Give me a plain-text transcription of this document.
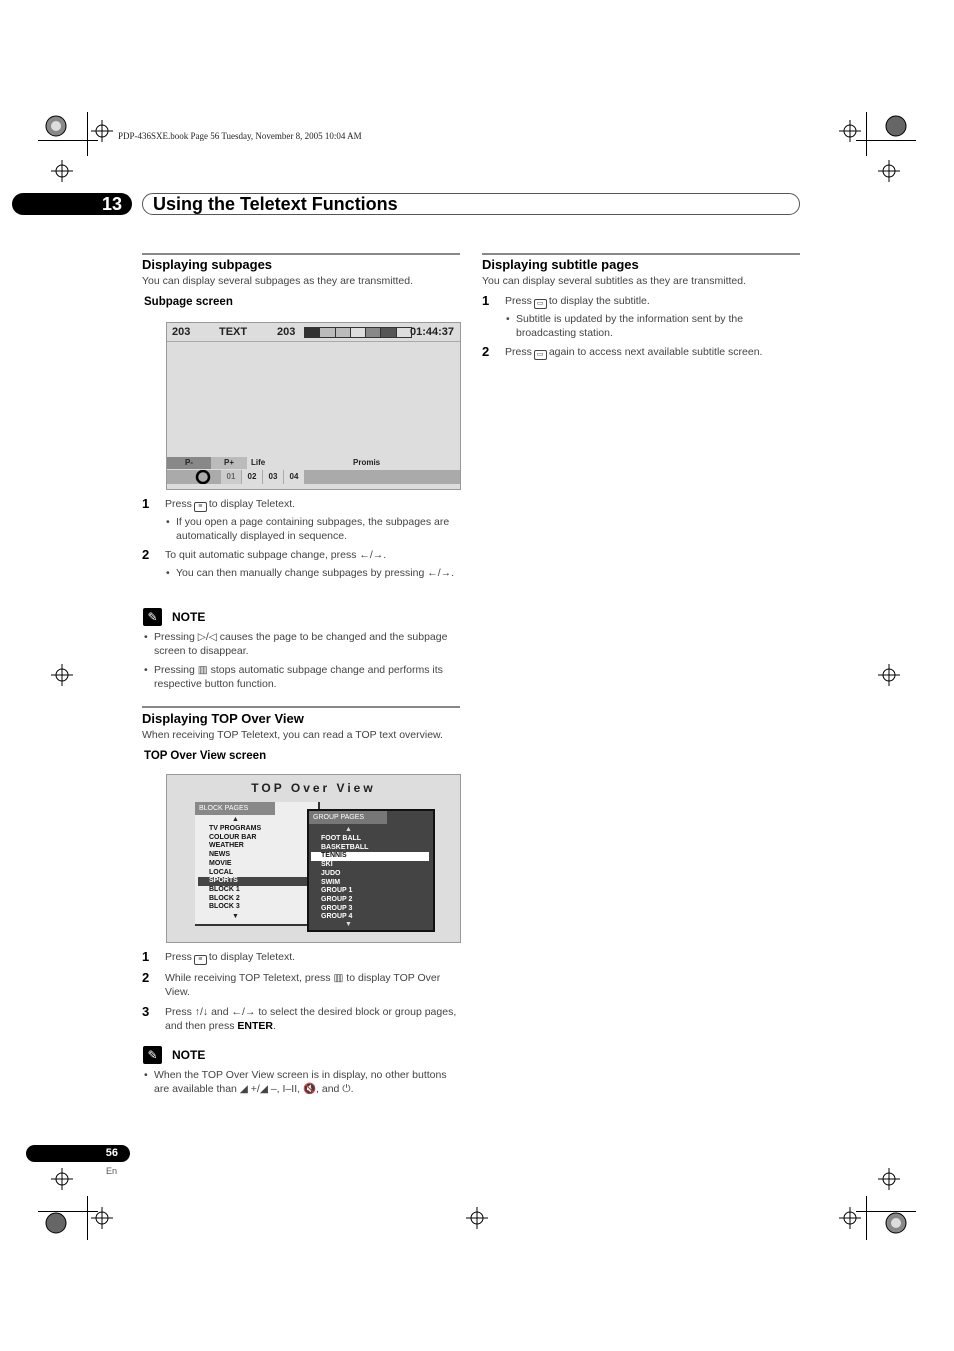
PDP-436SXE.book Page 56 Tuesday, November 8, 2005 10:04 AM
13 Using the Teletext Functions
Displaying subpages
You can display several subpages as they are transmitted.
Subpage screen
203	TEXT	203	01:44:37
P-	P+	Life	Promis
01	02	03	04
1 Press ≡ to display Teletext.
• If you open a page containing subpages, the subpages are automatically displayed in sequence.
2 To quit automatic subpage change, press ←/→.
• You can then manually change subpages by pressing ←/→.
✎	NOTE
• Pressing ▷/◁ causes the page to be changed and the subpage screen to disappear.
• Pressing ▥ stops automatic subpage change and performs its respective button function.
Displaying TOP Over View
When receiving TOP Teletext, you can read a TOP text overview.
TOP Over View screen
TOP Over View
BLOCK PAGES
▲
TV PROGRAMS
COLOUR BAR
WEATHER
NEWS
MOVIE
LOCAL
SPORTS
BLOCK 1
BLOCK 2
BLOCK 3
▼
GROUP PAGES
▲
FOOT BALL
BASKETBALL
TENNIS
SKI
JUDO
SWIM
GROUP 1
GROUP 2
GROUP 3
GROUP 4
▼
1 Press ≡ to display Teletext.
2 While receiving TOP Teletext, press ▥ to display TOP Over View.
3 Press ↑/↓ and ←/→ to select the desired block or group pages, and then press ENTER.
✎	NOTE
• When the TOP Over View screen is in display, no other buttons are available than ◢ +/◢ –, I–II, 🔇, and ⏻.
Displaying subtitle pages
You can display several subtitles as they are transmitted.
1 Press ▭ to display the subtitle.
• Subtitle is updated by the information sent by the broadcasting station.
2 Press ▭ again to access next available subtitle screen.
56
En
